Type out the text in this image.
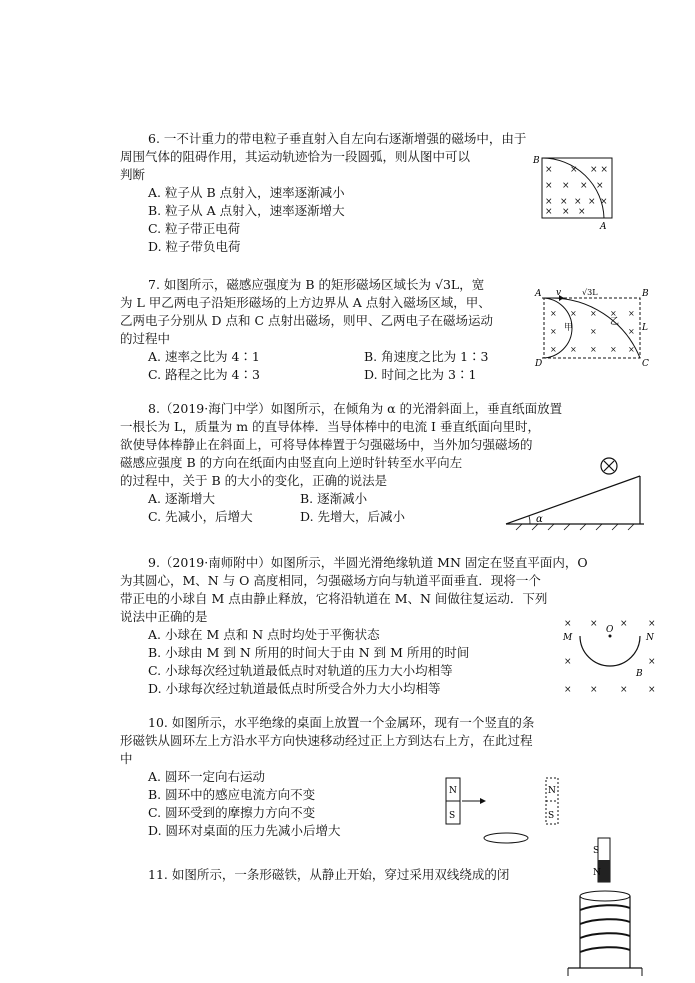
6. 一不计重力的带电粒子垂直射入自左向右逐渐增强的磁场中，由于
周围气体的阻碍作用，其运动轨迹恰为一段圆弧，则从图中可以
判断
A. 粒子从 B 点射入，速率逐渐减小
B. 粒子从 A 点射入，速率逐渐增大
C. 粒子带正电荷
D. 粒子带负电荷
× × × ×
× × × ×
× × × × ×
× × ×
B
A
7. 如图所示，磁感应强度为 B 的矩形磁场区域长为 √3L，宽
为 L 甲乙两电子沿矩形磁场的上方边界从 A 点射入磁场区域，甲、
乙两电子分别从 D 点和 C 点射出磁场，则甲、乙两电子在磁场运动
的过程中
A. 速率之比为 4∶1	B. 角速度之比为 1∶3
C. 路程之比为 4∶3	D. 时间之比为 3∶1
× × × × ×
×	×	×
× × × × ×
A v	√3L	B
L
甲
乙
D	C
8.（2019·海门中学）如图所示，在倾角为 α 的光滑斜面上，垂直纸面放置
一根长为 L，质量为 m 的直导体棒．当导体棒中的电流 I 垂直纸面向里时，
欲使导体棒静止在斜面上，可将导体棒置于匀强磁场中，当外加匀强磁场的
磁感应强度 B 的方向在纸面内由竖直向上逆时针转至水平向左
的过程中，关于 B 的大小的变化，正确的说法是
A. 逐渐增大	B. 逐渐减小
C. 先减小，后增大	D. 先增大，后减小	α
9.（2019·南师附中）如图所示，半圆光滑绝缘轨道 MN 固定在竖直平面内，O
为其圆心，M、N 与 O 高度相同，匀强磁场方向与轨道平面垂直．现将一个
带正电的小球自 M 点由静止释放，它将沿轨道在 M、N 间做往复运动．下列
说法中正确的是
A. 小球在 M 点和 N 点时均处于平衡状态
B. 小球由 M 到 N 所用的时间大于由 N 到 M 所用的时间
C. 小球每次经过轨道最低点时对轨道的压力大小均相等
D. 小球每次经过轨道最低点时所受合外力大小均相等
× × × ×
×	×
× × × ×
M
O
N
B
10. 如图所示，水平绝缘的桌面上放置一个金属环，现有一个竖直的条
形磁铁从圆环左上方沿水平方向快速移动经过正上方到达右上方，在此过程
中
A. 圆环一定向右运动
B. 圆环中的感应电流方向不变
C. 圆环受到的摩擦力方向不变
D. 圆环对桌面的压力先减小后增大
N
S
N
S
11. 如图所示，一条形磁铁，从静止开始，穿过采用双线绕成的闭
S
N
